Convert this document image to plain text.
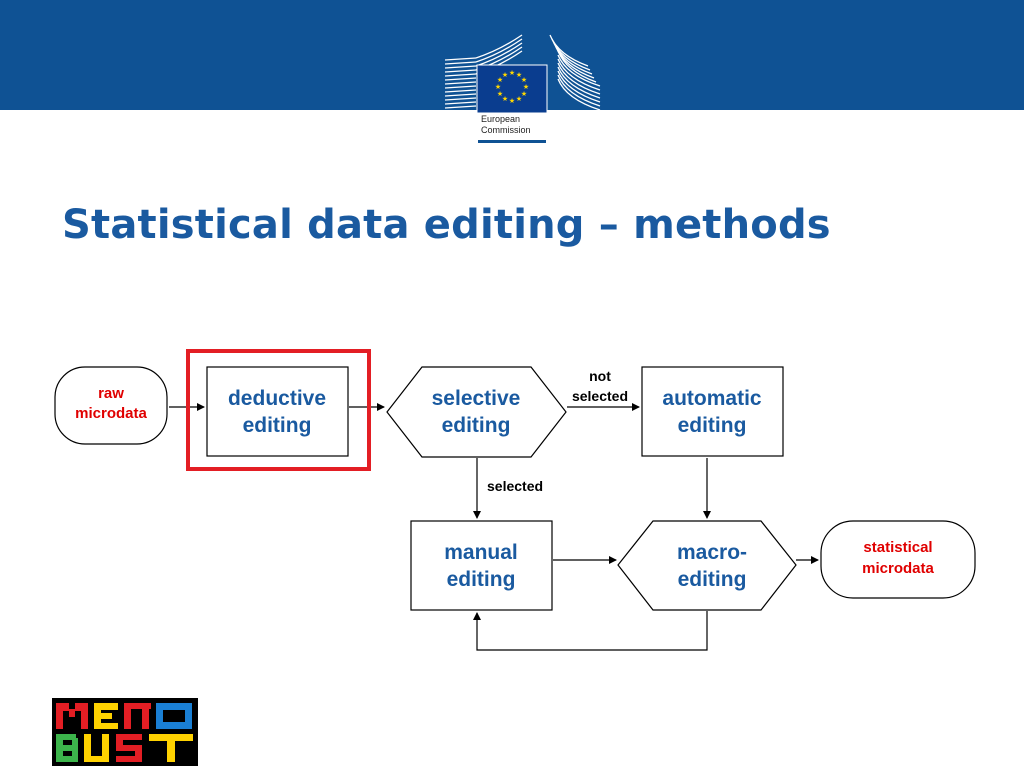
★ ★
★
★
★
★
★
★
★
★
★
★
European
Commission
Statistical data editing – methods
raw
microdata
deductive
editing
selective
editing
not
selected
selected
automatic
editing
manual
editing
macro-
editing
statistical
microdata
